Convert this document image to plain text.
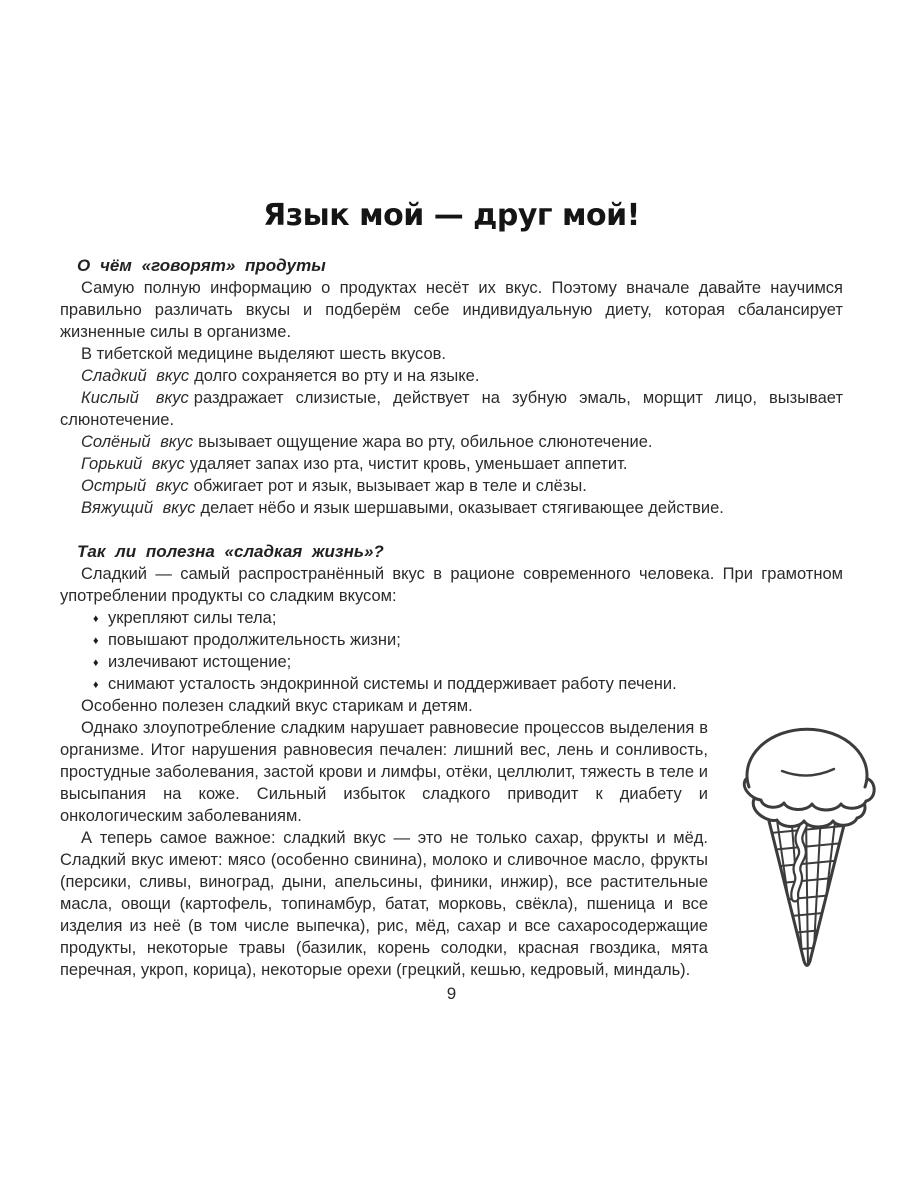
Язык мой — друг мой!
О чём «говорят» продуты

Самую полную информацию о продуктах несёт их вкус. Поэтому вначале давайте научимся правильно различать вкусы и подберём себе индивидуальную диету, которая сбалансирует жизненные силы в организме.

В тибетской медицине выделяют шесть вкусов.

Сладкий вкус долго сохраняется во рту и на языке.

Кислый вкус раздражает слизистые, действует на зубную эмаль, морщит лицо, вызывает слюнотечение.

Солёный вкус вызывает ощущение жара во рту, обильное слюнотечение.

Горький вкус удаляет запах изо рта, чистит кровь, уменьшает аппетит.

Острый вкус обжигает рот и язык, вызывает жар в теле и слёзы.

Вяжущий вкус делает нёбо и язык шершавыми, оказывает стягивающее действие.

Так ли полезна «сладкая жизнь»?

Сладкий — самый распространённый вкус в рационе современного человека. При грамотном употреблении продукты со сладким вкусом:

♦ укрепляют силы тела;
♦ повышают продолжительность жизни;
♦ излечивают истощение;
♦ снимают усталость эндокринной системы и поддерживает работу печени.

Особенно полезен сладкий вкус старикам и детям.

Однако злоупотребление сладким нарушает равновесие процессов выделения в организме. Итог нарушения равновесия печален: лишний вес, лень и сонливость, простудные заболевания, застой крови и лимфы, отёки, целлюлит, тяжесть в теле и высыпания на коже. Сильный избыток сладкого приводит к диабету и онкологическим заболеваниям.

А теперь самое важное: сладкий вкус — это не только сахар, фрукты и мёд. Сладкий вкус имеют: мясо (особенно свинина), молоко и сливочное масло, фрукты (персики, сливы, виноград, дыни, апельсины, финики, инжир), все растительные масла, овощи (картофель, топинамбур, батат, морковь, свёкла), пшеница и все изделия из неё (в том числе выпечка), рис, мёд, сахар и все сахаросодержащие продукты, некоторые травы (базилик, корень солодки, красная гвоздика, мята перечная, укроп, корица), некоторые орехи (грецкий, кешью, кедровый, миндаль).

9
